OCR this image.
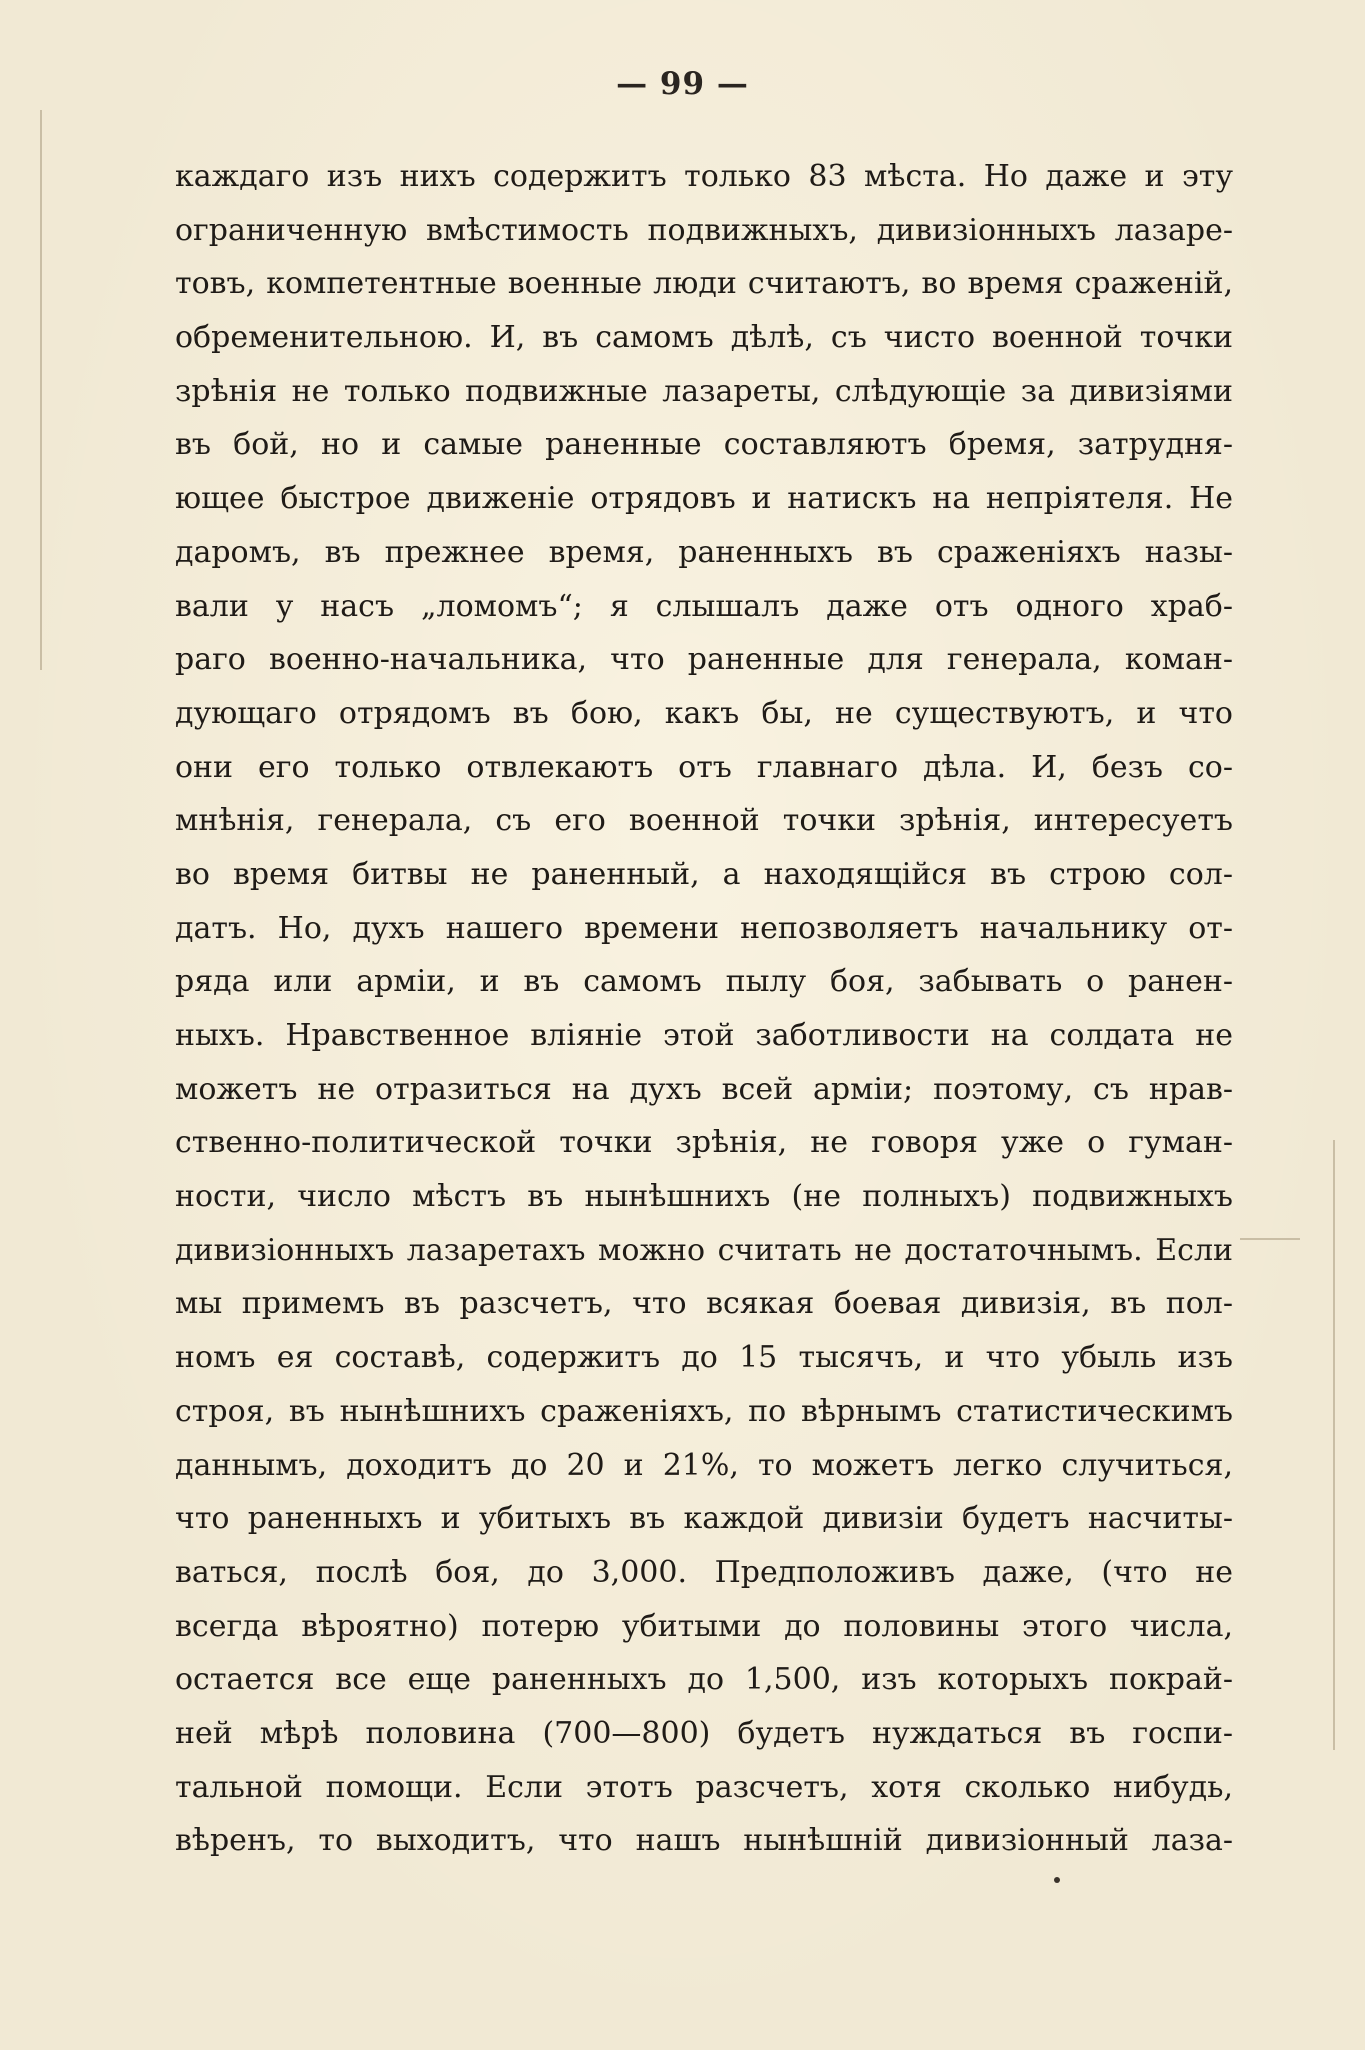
— 99 —
каждаго изъ нихъ содержитъ только 83 мѣста. Но даже и эту
ограниченную вмѣстимость подвижныхъ, дивизіонныхъ лазаре-
товъ, компетентные военные люди считаютъ, во время сраженій,
обременительною. И, въ самомъ дѣлѣ, съ чисто военной точки
зрѣнія не только подвижные лазареты, слѣдующіе за дивизіями
въ бой, но и самые раненные составляютъ бремя, затрудня-
ющее быстрое движеніе отрядовъ и натискъ на непріятеля. Не
даромъ, въ прежнее время, раненныхъ въ сраженіяхъ назы-
вали у насъ „ломомъ“; я слышалъ даже отъ одного храб-
раго военно-начальника, что раненные для генерала, коман-
дующаго отрядомъ въ бою, какъ бы, не существуютъ, и что
они его только отвлекаютъ отъ главнаго дѣла. И, безъ со-
мнѣнія, генерала, съ его военной точки зрѣнія, интересуетъ
во время битвы не раненный, а находящійся въ строю сол-
датъ. Но, духъ нашего времени непозволяетъ начальнику от-
ряда или арміи, и въ самомъ пылу боя, забывать о ранен-
ныхъ. Нравственное вліяніе этой заботливости на солдата не
можетъ не отразиться на духъ всей арміи; поэтому, съ нрав-
ственно-политической точки зрѣнія, не говоря уже о гуман-
ности, число мѣстъ въ нынѣшнихъ (не полныхъ) подвижныхъ
дивизіонныхъ лазаретахъ можно считать не достаточнымъ. Если
мы примемъ въ разсчетъ, что всякая боевая дивизія, въ пол-
номъ ея составѣ, содержитъ до 15 тысячъ, и что убыль изъ
строя, въ нынѣшнихъ сраженіяхъ, по вѣрнымъ статистическимъ
даннымъ, доходитъ до 20 и 21%, то можетъ легко случиться,
что раненныхъ и убитыхъ въ каждой дивизіи будетъ насчиты-
ваться, послѣ боя, до 3,000. Предположивъ даже, (что не
всегда вѣроятно) потерю убитыми до половины этого числа,
остается все еще раненныхъ до 1,500, изъ которыхъ покрай-
ней мѣрѣ половина (700—800) будетъ нуждаться въ госпи-
тальной помощи. Если этотъ разсчетъ, хотя сколько нибудь,
вѣренъ, то выходитъ, что нашъ нынѣшній дивизіонный лаза-
